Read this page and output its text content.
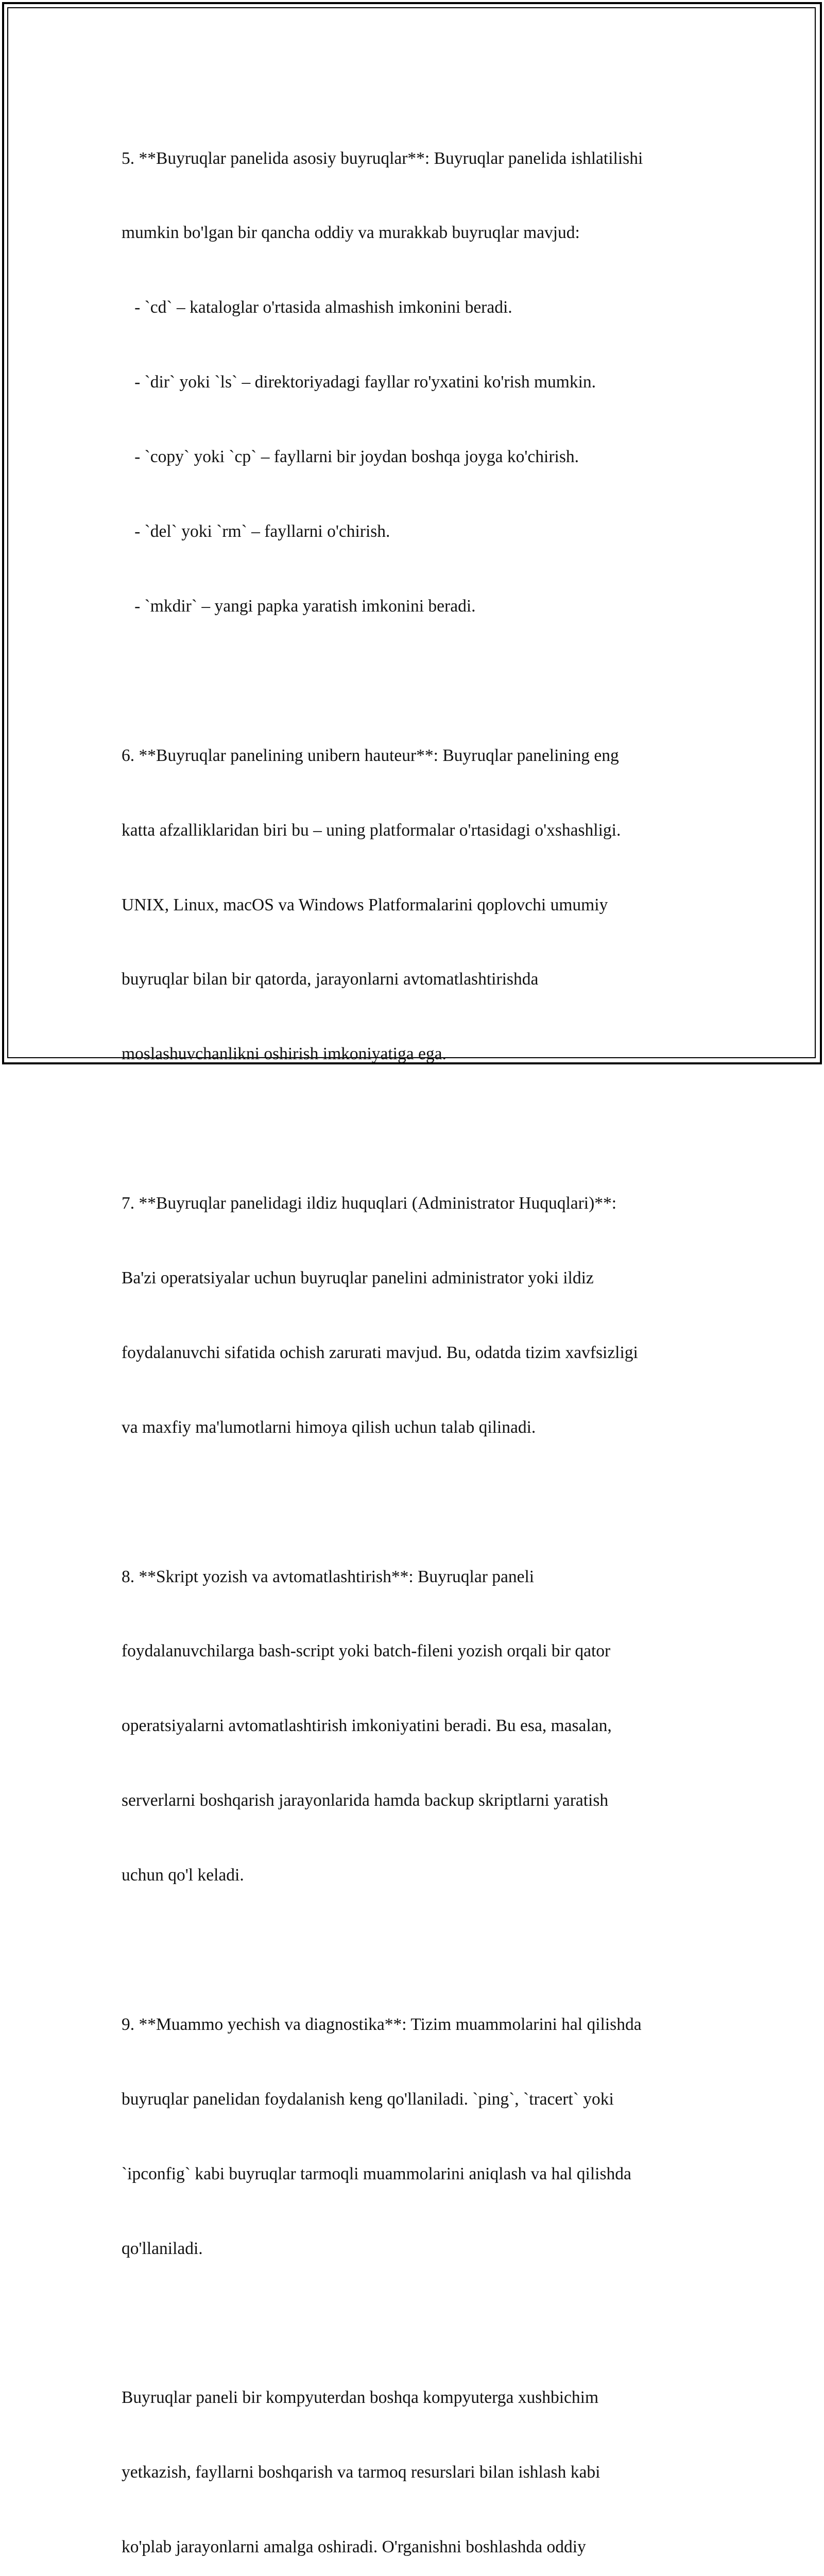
5. **Buyruqlar panelida asosiy buyruqlar**: Buyruqlar panelida ishlatilishi

mumkin bo'lgan bir qancha oddiy va murakkab buyruqlar mavjud:

- `cd` – kataloglar o'rtasida almashish imkonini beradi.

- `dir` yoki `ls` – direktoriyadagi fayllar ro'yxatini ko'rish mumkin.

- `copy` yoki `cp` – fayllarni bir joydan boshqa joyga ko'chirish.

- `del` yoki `rm` – fayllarni o'chirish.

- `mkdir` – yangi papka yaratish imkonini beradi.

6. **Buyruqlar panelining unibern hauteur**: Buyruqlar panelining eng

katta afzalliklaridan biri bu – uning platformalar o'rtasidagi o'xshashligi.

UNIX, Linux, macOS va Windows Platformalarini qoplovchi umumiy

buyruqlar bilan bir qatorda, jarayonlarni avtomatlashtirishda

moslashuvchanlikni oshirish imkoniyatiga ega.

7. **Buyruqlar panelidagi ildiz huquqlari (Administrator Huquqlari)**:

Ba'zi operatsiyalar uchun buyruqlar panelini administrator yoki ildiz

foydalanuvchi sifatida ochish zarurati mavjud. Bu, odatda tizim xavfsizligi

va maxfiy ma'lumotlarni himoya qilish uchun talab qilinadi.

8. **Skript yozish va avtomatlashtirish**: Buyruqlar paneli

foydalanuvchilarga bash-script yoki batch-fileni yozish orqali bir qator

operatsiyalarni avtomatlashtirish imkoniyatini beradi. Bu esa, masalan,

serverlarni boshqarish jarayonlarida hamda backup skriptlarni yaratish

uchun qo'l keladi.

9. **Muammo yechish va diagnostika**: Tizim muammolarini hal qilishda

buyruqlar panelidan foydalanish keng qo'llaniladi. `ping`, `tracert` yoki

`ipconfig` kabi buyruqlar tarmoqli muammolarini aniqlash va hal qilishda

qo'llaniladi.

Buyruqlar paneli bir kompyuterdan boshqa kompyuterga xushbichim

yetkazish, fayllarni boshqarish va tarmoq resurslari bilan ishlash kabi

ko'plab jarayonlarni amalga oshiradi. O'rganishni boshlashda oddiy
